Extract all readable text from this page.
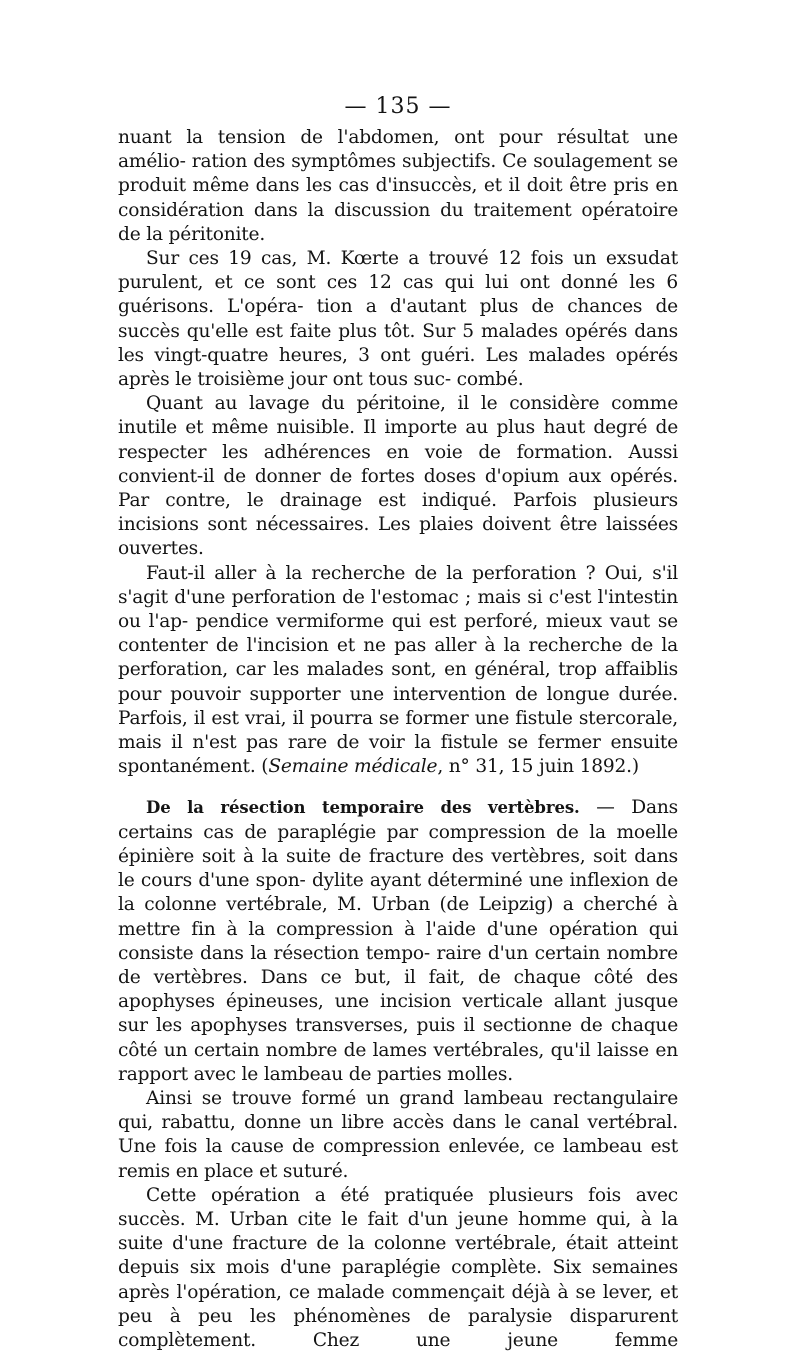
— 135 —

nuant la tension de l'abdomen, ont pour résultat une amélio- ration des symptômes subjectifs. Ce soulagement se produit même dans les cas d'insuccès, et il doit être pris en considération dans la discussion du traitement opératoire de la péritonite.

Sur ces 19 cas, M. Kœrte a trouvé 12 fois un exsudat purulent, et ce sont ces 12 cas qui lui ont donné les 6 guérisons. L'opéra- tion a d'autant plus de chances de succès qu'elle est faite plus tôt. Sur 5 malades opérés dans les vingt-quatre heures, 3 ont guéri. Les malades opérés après le troisième jour ont tous suc- combé.

Quant au lavage du péritoine, il le considère comme inutile et même nuisible. Il importe au plus haut degré de respecter les adhérences en voie de formation. Aussi convient-il de donner de fortes doses d'opium aux opérés. Par contre, le drainage est indiqué. Parfois plusieurs incisions sont nécessaires. Les plaies doivent être laissées ouvertes.

Faut-il aller à la recherche de la perforation ? Oui, s'il s'agit d'une perforation de l'estomac ; mais si c'est l'intestin ou l'ap- pendice vermiforme qui est perforé, mieux vaut se contenter de l'incision et ne pas aller à la recherche de la perforation, car les malades sont, en général, trop affaiblis pour pouvoir supporter une intervention de longue durée. Parfois, il est vrai, il pourra se former une fistule stercorale, mais il n'est pas rare de voir la fistule se fermer ensuite spontanément. (Semaine médicale, n° 31, 15 juin 1892.)

De la résection temporaire des vertèbres. — Dans certains cas de paraplégie par compression de la moelle épinière soit à la suite de fracture des vertèbres, soit dans le cours d'une spon- dylite ayant déterminé une inflexion de la colonne vertébrale, M. Urban (de Leipzig) a cherché à mettre fin à la compression à l'aide d'une opération qui consiste dans la résection tempo- raire d'un certain nombre de vertèbres. Dans ce but, il fait, de chaque côté des apophyses épineuses, une incision verticale allant jusque sur les apophyses transverses, puis il sectionne de chaque côté un certain nombre de lames vertébrales, qu'il laisse en rapport avec le lambeau de parties molles.

Ainsi se trouve formé un grand lambeau rectangulaire qui, rabattu, donne un libre accès dans le canal vertébral. Une fois la cause de compression enlevée, ce lambeau est remis en place et suturé.

Cette opération a été pratiquée plusieurs fois avec succès. M. Urban cite le fait d'un jeune homme qui, à la suite d'une fracture de la colonne vertébrale, était atteint depuis six mois d'une paraplégie complète. Six semaines après l'opération, ce malade commençait déjà à se lever, et peu à peu les phénomènes de paralysie disparurent complètement. Chez une jeune femme
